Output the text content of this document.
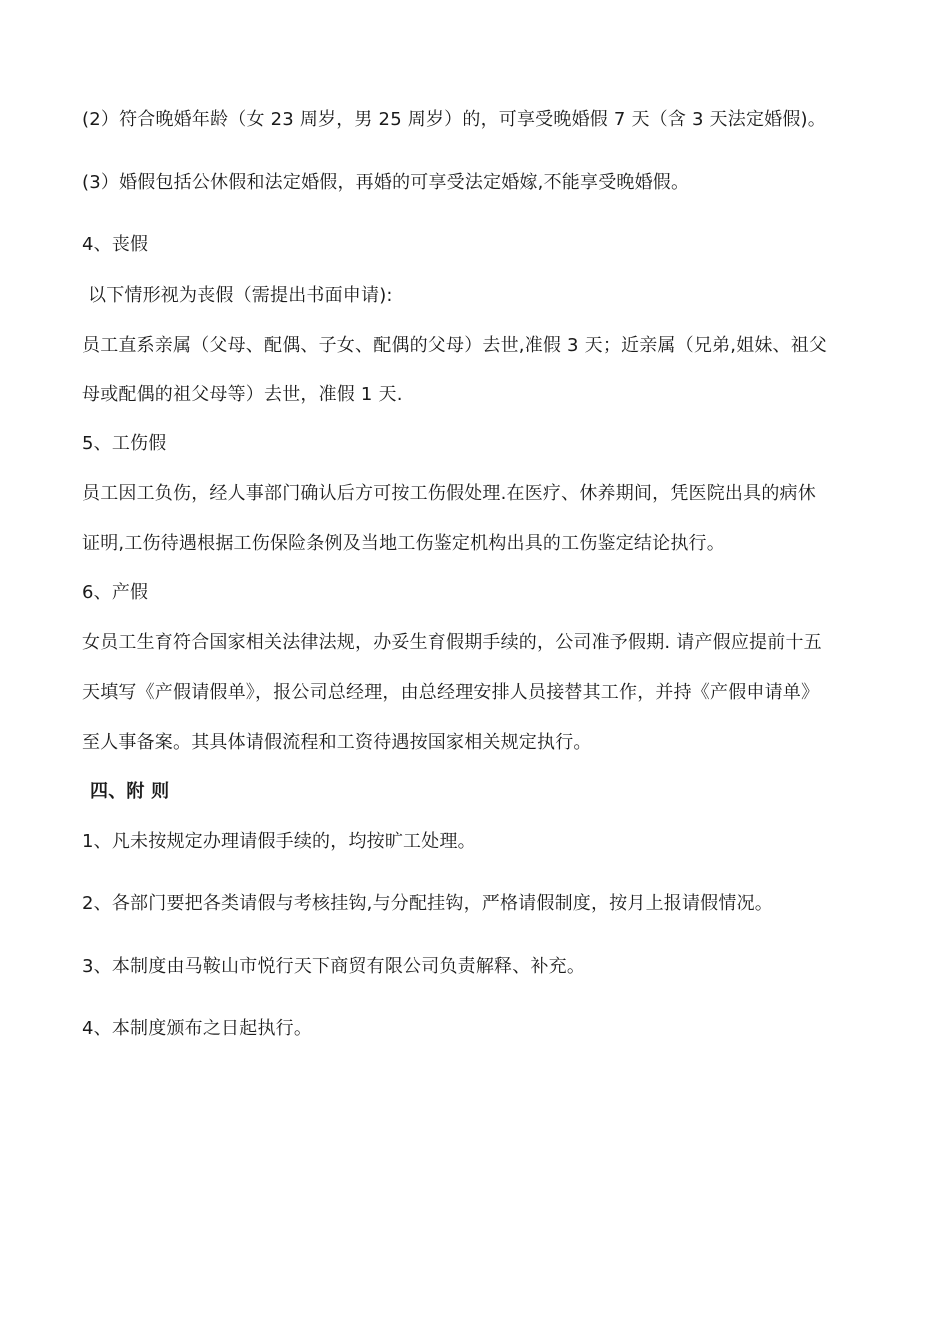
(2）符合晚婚年龄（女 23 周岁，男 25 周岁）的，可享受晚婚假 7 天（含 3 天法定婚假)。
(3）婚假包括公休假和法定婚假，再婚的可享受法定婚嫁,不能享受晚婚假。
4、丧假
以下情形视为丧假（需提出书面申请):
员工直系亲属（父母、配偶、子女、配偶的父母）去世,准假 3 天；近亲属（兄弟,姐妹、祖父
母或配偶的祖父母等）去世，准假 1 天.
5、工伤假
员工因工负伤，经人事部门确认后方可按工伤假处理.在医疗、休养期间，凭医院出具的病休
证明,工伤待遇根据工伤保险条例及当地工伤鉴定机构出具的工伤鉴定结论执行。
6、产假
女员工生育符合国家相关法律法规，办妥生育假期手续的，公司准予假期. 请产假应提前十五
天填写《产假请假单》，报公司总经理，由总经理安排人员接替其工作，并持《产假申请单》
至人事备案。其具体请假流程和工资待遇按国家相关规定执行。
四、附 则
1、凡未按规定办理请假手续的，均按旷工处理。
2、各部门要把各类请假与考核挂钩,与分配挂钩，严格请假制度，按月上报请假情况。
3、本制度由马鞍山市悦行天下商贸有限公司负责解释、补充。
4、本制度颁布之日起执行。
